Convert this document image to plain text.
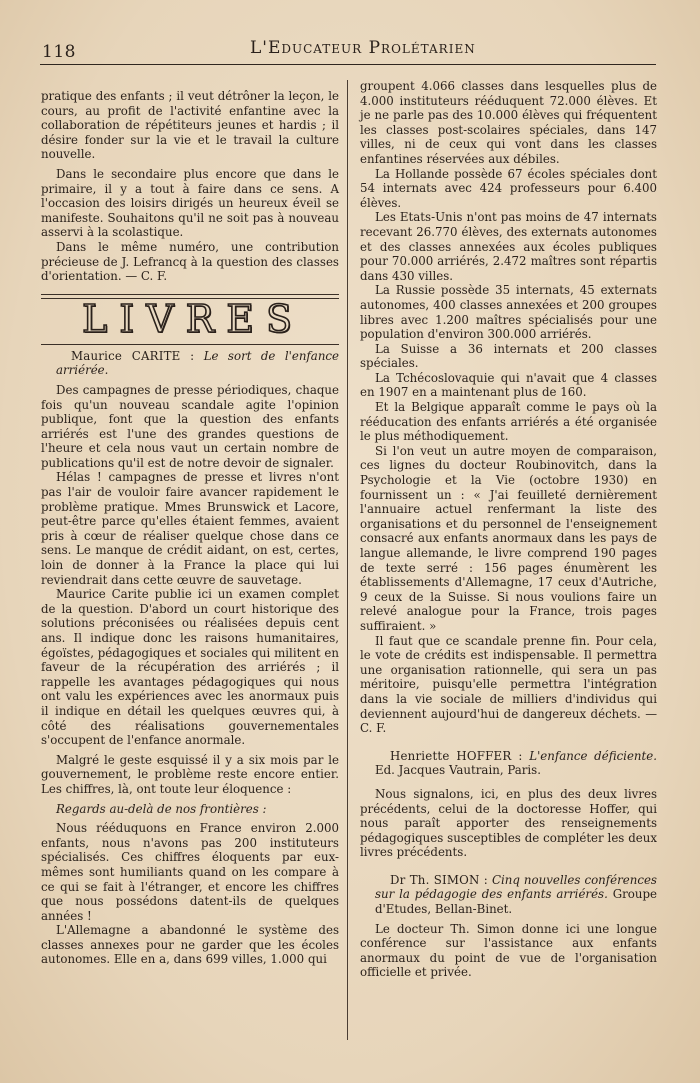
118	L'Educateur Prolétarien

pratique des enfants ; il veut détrôner la leçon, le cours, au profit de l'activité enfantine avec la collaboration de répétiteurs jeunes et hardis ; il désire fonder sur la vie et le travail la culture nouvelle.

Dans le secondaire plus encore que dans le primaire, il y a tout à faire dans ce sens. A l'occasion des loisirs dirigés un heureux éveil se manifeste. Souhaitons qu'il ne soit pas à nouveau asservi à la scolastique.

Dans le même numéro, une contribution précieuse de J. Lefrancq à la question des classes d'orientation. — C. F.

LIVRES

Maurice CARITE : Le sort de l'enfance arriérée.

Des campagnes de presse périodiques, chaque fois qu'un nouveau scandale agite l'opinion publique, font que la question des enfants arriérés est l'une des grandes questions de l'heure et cela nous vaut un certain nombre de publications qu'il est de notre devoir de signaler.

Hélas ! campagnes de presse et livres n'ont pas l'air de vouloir faire avancer rapidement le problème pratique. Mmes Brunswick et Lacore, peut-être parce qu'elles étaient femmes, avaient pris à cœur de réaliser quelque chose dans ce sens. Le manque de crédit aidant, on est, certes, loin de donner à la France la place qui lui reviendrait dans cette œuvre de sauvetage.

Maurice Carite publie ici un examen complet de la question. D'abord un court historique des solutions préconisées ou réalisées depuis cent ans. Il indique donc les raisons humanitaires, égoïstes, pédagogiques et sociales qui militent en faveur de la récupération des arriérés ; il rappelle les avantages pédagogiques qui nous ont valu les expériences avec les anormaux puis il indique en détail les quelques œuvres qui, à côté des réalisations gouvernementales s'occupent de l'enfance anormale.

Malgré le geste esquissé il y a six mois par le gouvernement, le problème reste encore entier. Les chiffres, là, ont toute leur éloquence :

Regards au-delà de nos frontières :

Nous rééduquons en France environ 2.000 enfants, nous n'avons pas 200 instituteurs spécialisés. Ces chiffres éloquents par eux-mêmes sont humiliants quand on les compare à ce qui se fait à l'étranger, et encore les chiffres que nous possédons datent-ils de quelques années !

L'Allemagne a abandonné le système des classes annexes pour ne garder que les écoles autonomes. Elle en a, dans 699 villes, 1.000 qui

groupent 4.066 classes dans lesquelles plus de 4.000 instituteurs rééduquent 72.000 élèves. Et je ne parle pas des 10.000 élèves qui fréquentent les classes post-scolaires spéciales, dans 147 villes, ni de ceux qui vont dans les classes enfantines réservées aux débiles.

La Hollande possède 67 écoles spéciales dont 54 internats avec 424 professeurs pour 6.400 élèves.

Les Etats-Unis n'ont pas moins de 47 internats recevant 26.770 élèves, des externats autonomes et des classes annexées aux écoles publiques pour 70.000 arriérés, 2.472 maîtres sont répartis dans 430 villes.

La Russie possède 35 internats, 45 externats autonomes, 400 classes annexées et 200 groupes libres avec 1.200 maîtres spécialisés pour une population d'environ 300.000 arriérés.

La Suisse a 36 internats et 200 classes spéciales.

La Tchécoslovaquie qui n'avait que 4 classes en 1907 en a maintenant plus de 160.

Et la Belgique apparaît comme le pays où la rééducation des enfants arriérés a été organisée le plus méthodiquement.

Si l'on veut un autre moyen de comparaison, ces lignes du docteur Roubinovitch, dans la Psychologie et la Vie (octobre 1930) en fournissent un : « J'ai feuilleté dernièrement l'annuaire actuel renfermant la liste des organisations et du personnel de l'enseignement consacré aux enfants anormaux dans les pays de langue allemande, le livre comprend 190 pages de texte serré : 156 pages énumèrent les établissements d'Allemagne, 17 ceux d'Autriche, 9 ceux de la Suisse. Si nous voulions faire un relevé analogue pour la France, trois pages suffiraient. »

Il faut que ce scandale prenne fin. Pour cela, le vote de crédits est indispensable. Il permettra une organisation rationnelle, qui sera un pas méritoire, puisqu'elle permettra l'intégration dans la vie sociale de milliers d'individus qui deviennent aujourd'hui de dangereux déchets. — C. F.

Henriette HOFFER : L'enfance déficiente. Ed. Jacques Vautrain, Paris.

Nous signalons, ici, en plus des deux livres précédents, celui de la doctoresse Hoffer, qui nous paraît apporter des renseignements pédagogiques susceptibles de compléter les deux livres précédents.

Dr Th. SIMON : Cinq nouvelles conférences sur la pédagogie des enfants arriérés. Groupe d'Etudes, Bellan-Binet.

Le docteur Th. Simon donne ici une longue conférence sur l'assistance aux enfants anormaux du point de vue de l'organisation officielle et privée.
